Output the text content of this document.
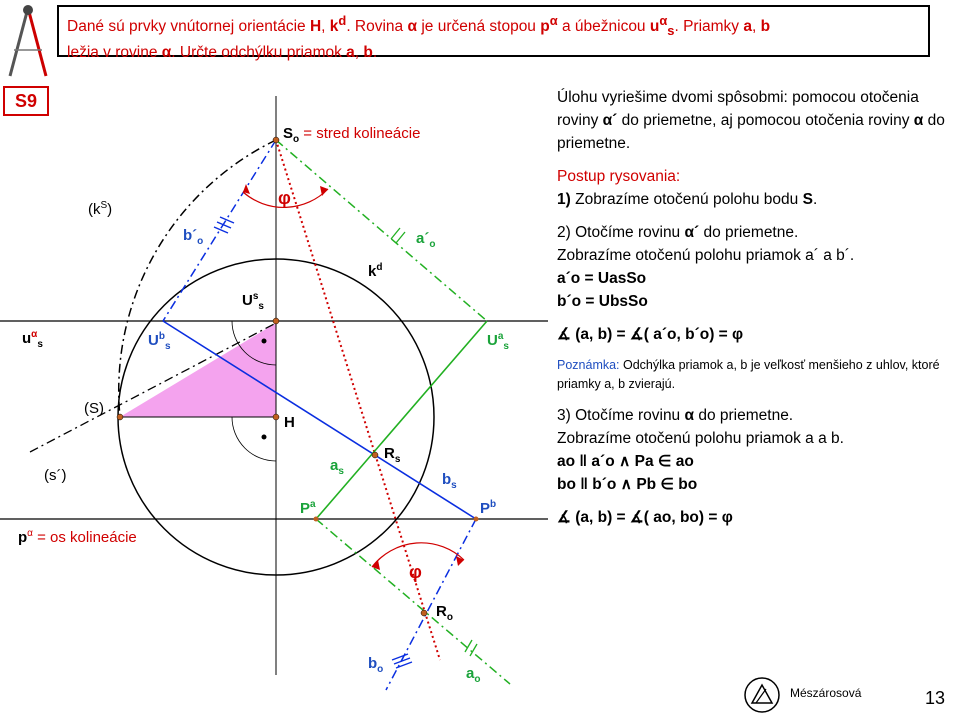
Dané sú prvky vnútornej orientácie H, $k^d$. Rovina α je určená stopou $p^\alpha$ a úbežnicou $u^\alpha_s$. Priamky a, b
ležia v rovine α. Určte odchýlku priamok a, b.
S9
$S_o$ = stred kolineácie
$(k^S)$
$b´_o$	$a´_o$
φ
$k^d$
$U^s_s$
$u^\alpha_s$	$U^b_s$	$U^a_s$
(S)
H
(s´)
$R_s$
$a_s$	$b_s$
$P^a$	$P^b$
$p^\alpha$ = os kolineácie
φ
$R_o$
$b_o$	$a_o$

Úlohu vyriešime dvomi spôsobmi: pomocou otočenia roviny α´ do priemetne, aj pomocou otočenia roviny α do priemetne.

Postup rysovania:

1) Zobrazíme otočenú polohu bodu S.

2) Otočíme rovinu α´ do priemetne.

Zobrazíme otočenú polohu priamok a´ a b´.

a´o = UasSo

b´o = UbsSo

∡ (a, b) = ∡( a´o, b´o) = φ

Poznámka: Odchýlka priamok a, b je veľkosť menšieho z uhlov, ktoré priamky a, b zvierajú.

3) Otočíme rovinu α do priemetne.

Zobrazíme otočenú polohu priamok a a b.

ao ǁ a´o ∧ Pa ∈ ao

bo ǁ b´o ∧ Pb ∈ bo

∡ (a, b) = ∡( ao, bo) = φ

Mészárosová	13
